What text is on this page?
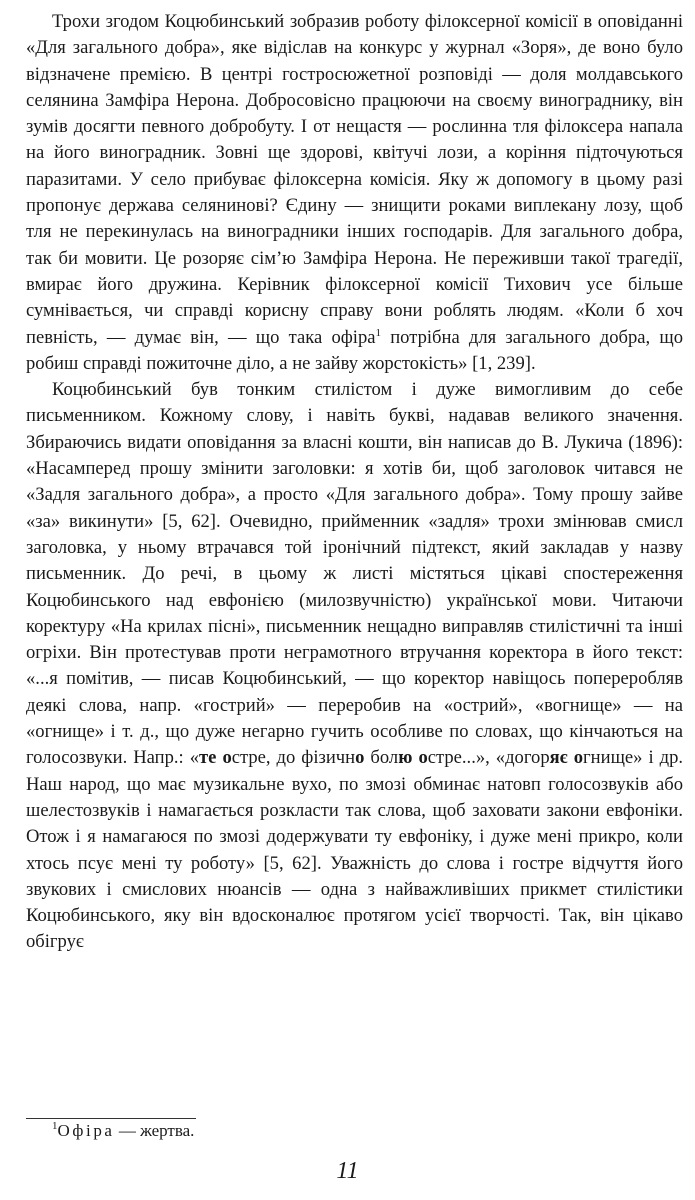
Трохи згодом Коцюбинський зобразив роботу філоксерної комісії в оповіданні «Для загального добра», яке відіслав на конкурс у журнал «Зоря», де воно було відзначене премією. В центрі гостросюжетної розповіді — доля молдавського селянина Замфіра Нерона. Добросовісно працюючи на своєму винограднику, він зумів досягти певного добробуту. І от нещастя — рослинна тля філоксера напала на його виноградник. Зовні ще здорові, квітучі лози, а коріння підточуються паразитами. У село прибуває філоксерна комісія. Яку ж допомогу в цьому разі пропонує держава селянинові? Єдину — знищити роками виплекану лозу, щоб тля не перекинулась на виноградники інших господарів. Для загального добра, так би мовити. Це розоряє сім’ю Замфіра Нерона. Не переживши такої трагедії, вмирає його дружина. Керівник філоксерної комісії Тихович усе більше сумнівається, чи справді корисну справу вони роблять людям. «Коли б хоч певність, — думає він, — що така офіра$^1$ потрібна для загального добра, що робиш справді пожиточне діло, а не зайву жорстокість» [1, 239].

Коцюбинський був тонким стилістом і дуже вимогливим до себе письменником. Кожному слову, і навіть букві, надавав великого значення. Збираючись видати оповідання за власні кошти, він написав до В. Лукича (1896): «Насамперед прошу змінити заголовки: я хотів би, щоб заголовок читався не «Задля загального добра», а просто «Для загального добра». Тому прошу зайве «за» викинути» [5, 62]. Очевидно, прийменник «задля» трохи змінював смисл заголовка, у ньому втрачався той іронічний підтекст, який закладав у назву письменник. До речі, в цьому ж листі містяться цікаві спостереження Коцюбинського над евфонією (милозвучністю) української мови. Читаючи коректуру «На крилах пісні», письменник нещадно виправляв стилістичні та інші огріхи. Він протестував проти неграмотного втручання коректора в його текст: «...я помітив, — писав Коцюбинський, — що коректор навіщось попереробляв деякі слова, напр. «гострий» — переробив на «острий», «вогнище» — на «огнище» і т. д., що дуже негарно гучить особливе по словах, що кінчаються на голосозвуки. Напр.: «те остре, до фізично болю остре...», «догоряє огнище» і др. Наш народ, що має музикальне вухо, по змозі обминає натовп голосозвуків або шелестозвуків і намагається розкласти так слова, щоб заховати закони евфоніки. Отож і я намагаюся по змозі додержувати ту евфоніку, і дуже мені прикро, коли хтось псує мені ту роботу» [5, 62]. Уважність до слова і гостре відчуття його звукових і смислових нюансів — одна з найважливіших прикмет стилістики Коцюбинського, яку він вдосконалює протягом усієї творчості. Так, він цікаво обігрує

$^1$Офіра — жертва.
11
